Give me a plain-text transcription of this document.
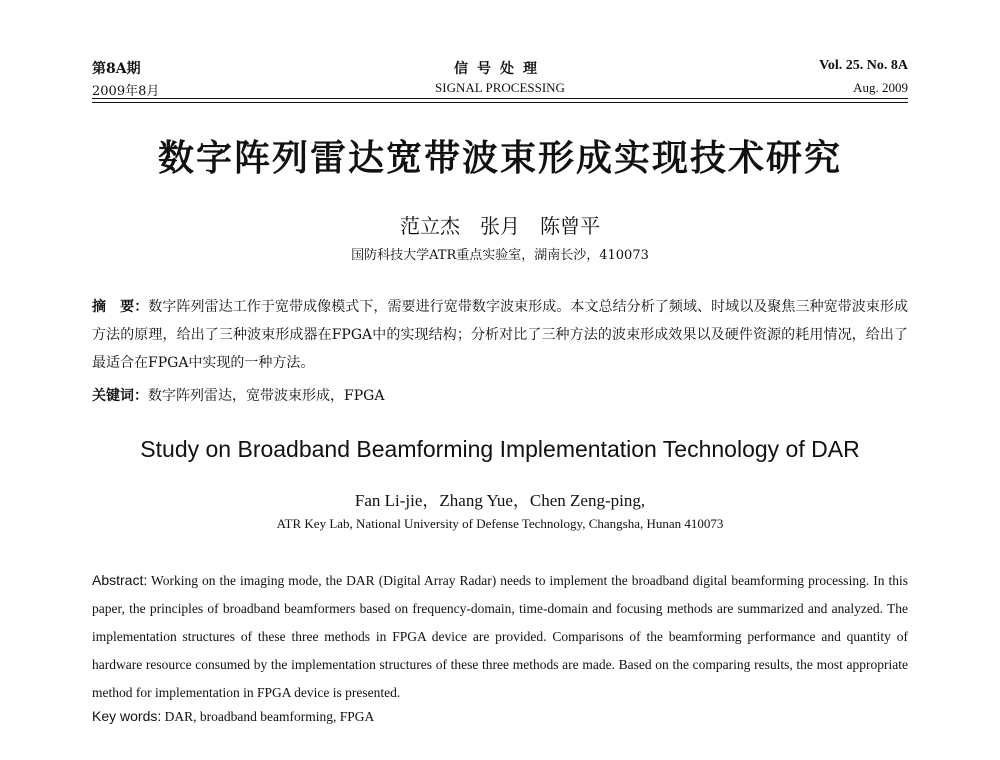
第8A期	信号处理	Vol. 25. No. 8A
2009年8月	SIGNAL PROCESSING	Aug. 2009
数字阵列雷达宽带波束形成实现技术研究
范立杰　张月　陈曾平
国防科技大学ATR重点实验室，湖南长沙，410073
摘　要：数字阵列雷达工作于宽带成像模式下，需要进行宽带数字波束形成。本文总结分析了频域、时域以及聚焦三种宽带波束形成方法的原理，给出了三种波束形成器在FPGA中的实现结构；分析对比了三种方法的波束形成效果以及硬件资源的耗用情况，给出了最适合在FPGA中实现的一种方法。
关键词：数字阵列雷达，宽带波束形成，FPGA
Study on Broadband Beamforming Implementation Technology of DAR
Fan Li-jie，Zhang Yue，Chen Zeng-ping,
ATR Key Lab, National University of Defense Technology, Changsha, Hunan 410073
Abstract: Working on the imaging mode, the DAR (Digital Array Radar) needs to implement the broadband digital beamforming processing. In this paper, the principles of broadband beamformers based on frequency-domain, time-domain and focusing methods are summarized and analyzed. The implementation structures of these three methods in FPGA device are provided. Comparisons of the beamforming performance and quantity of hardware resource consumed by the implementation structures of these three methods are made. Based on the comparing results, the most appropriate method for implementation in FPGA device is presented.
Key words: DAR, broadband beamforming, FPGA
